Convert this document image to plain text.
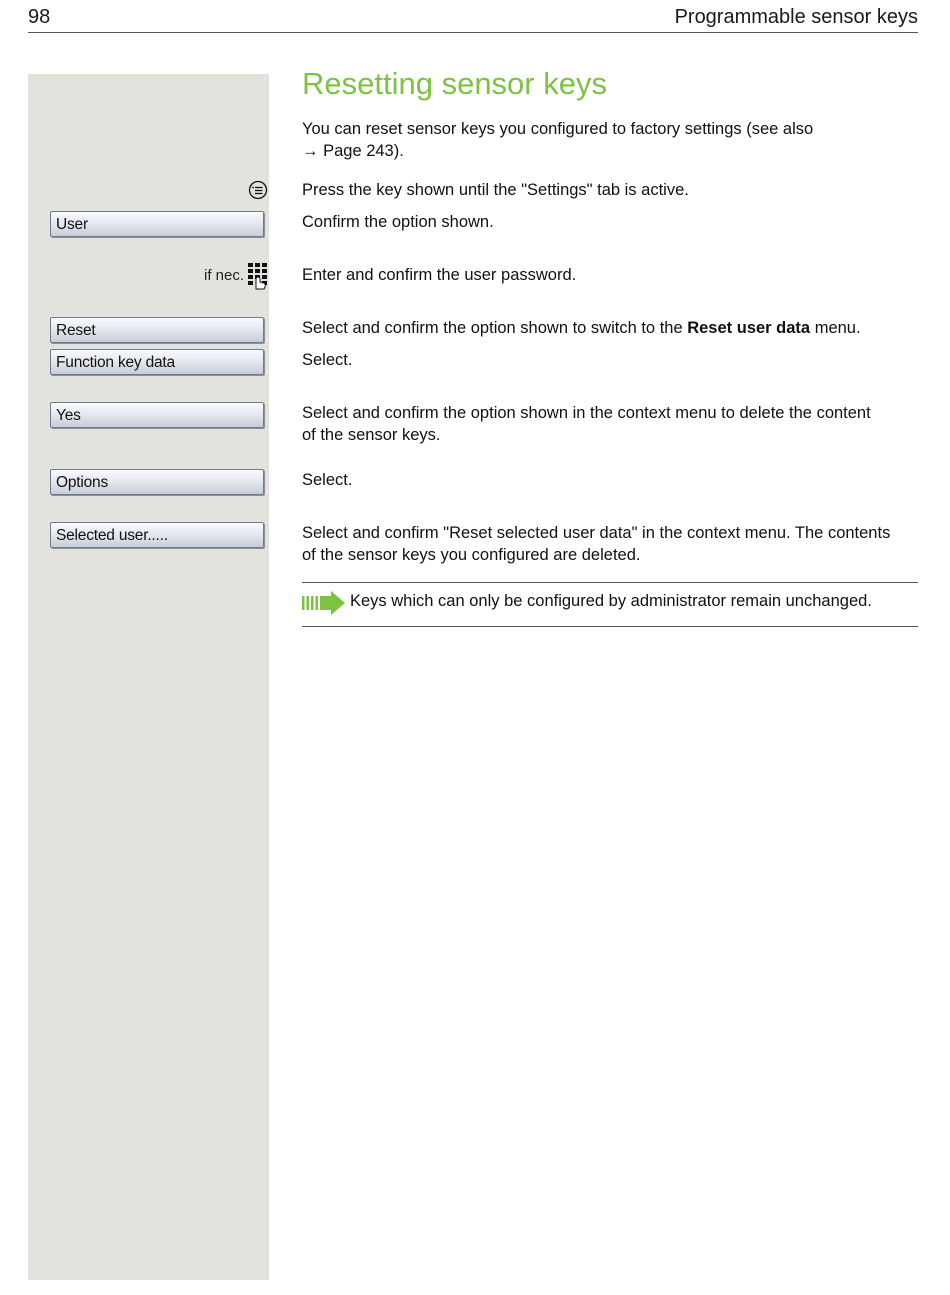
98	Programmable sensor keys
User
if nec.
Reset
Function key data
Yes
Options
Selected user.....
Resetting sensor keys
You can reset sensor keys you configured to factory settings (see also
→ Page 243).
Press the key shown until the "Settings" tab is active.
Confirm the option shown.
Enter and confirm the user password.
Select and confirm the option shown to switch to the Reset user data menu.
Select.
Select and confirm the option shown in the context menu to delete the content
of the sensor keys.
Select.
Select and confirm "Reset selected user data" in the context menu. The contents
of the sensor keys you configured are deleted.
Keys which can only be configured by administrator remain unchanged.
